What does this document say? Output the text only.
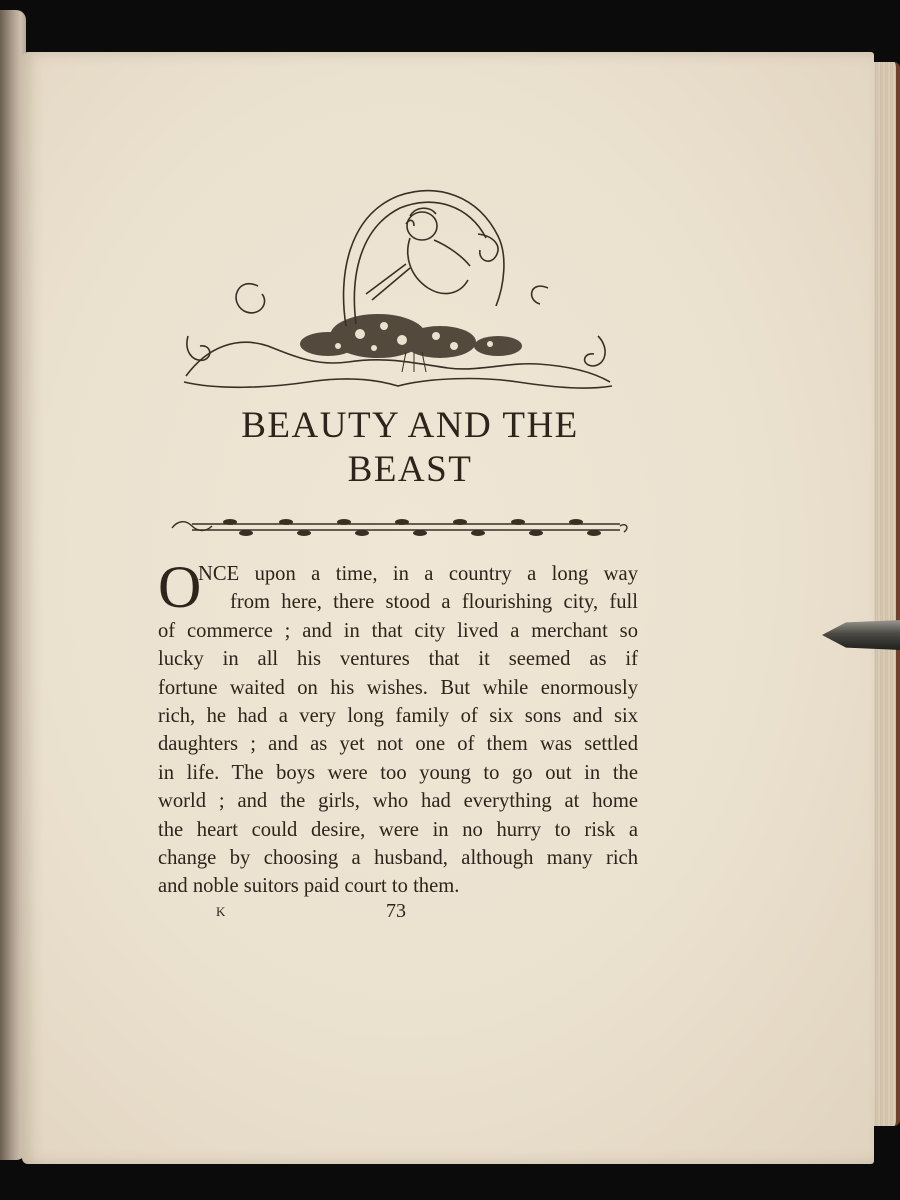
BEAUTY AND THE
BEAST
O
NCE upon a time, in a country a long way
from here, there stood a flourishing city, full
of commerce ; and in that city lived a merchant so
lucky in all his ventures that it seemed as if
fortune waited on his wishes. But while enormously
rich, he had a very long family of six sons and six
daughters ; and as yet not one of them was settled
in life. The boys were too young to go out in the
world ; and the girls, who had everything at home
the heart could desire, were in no hurry to risk a
change by choosing a husband, although many rich
and noble suitors paid court to them.
K	73
